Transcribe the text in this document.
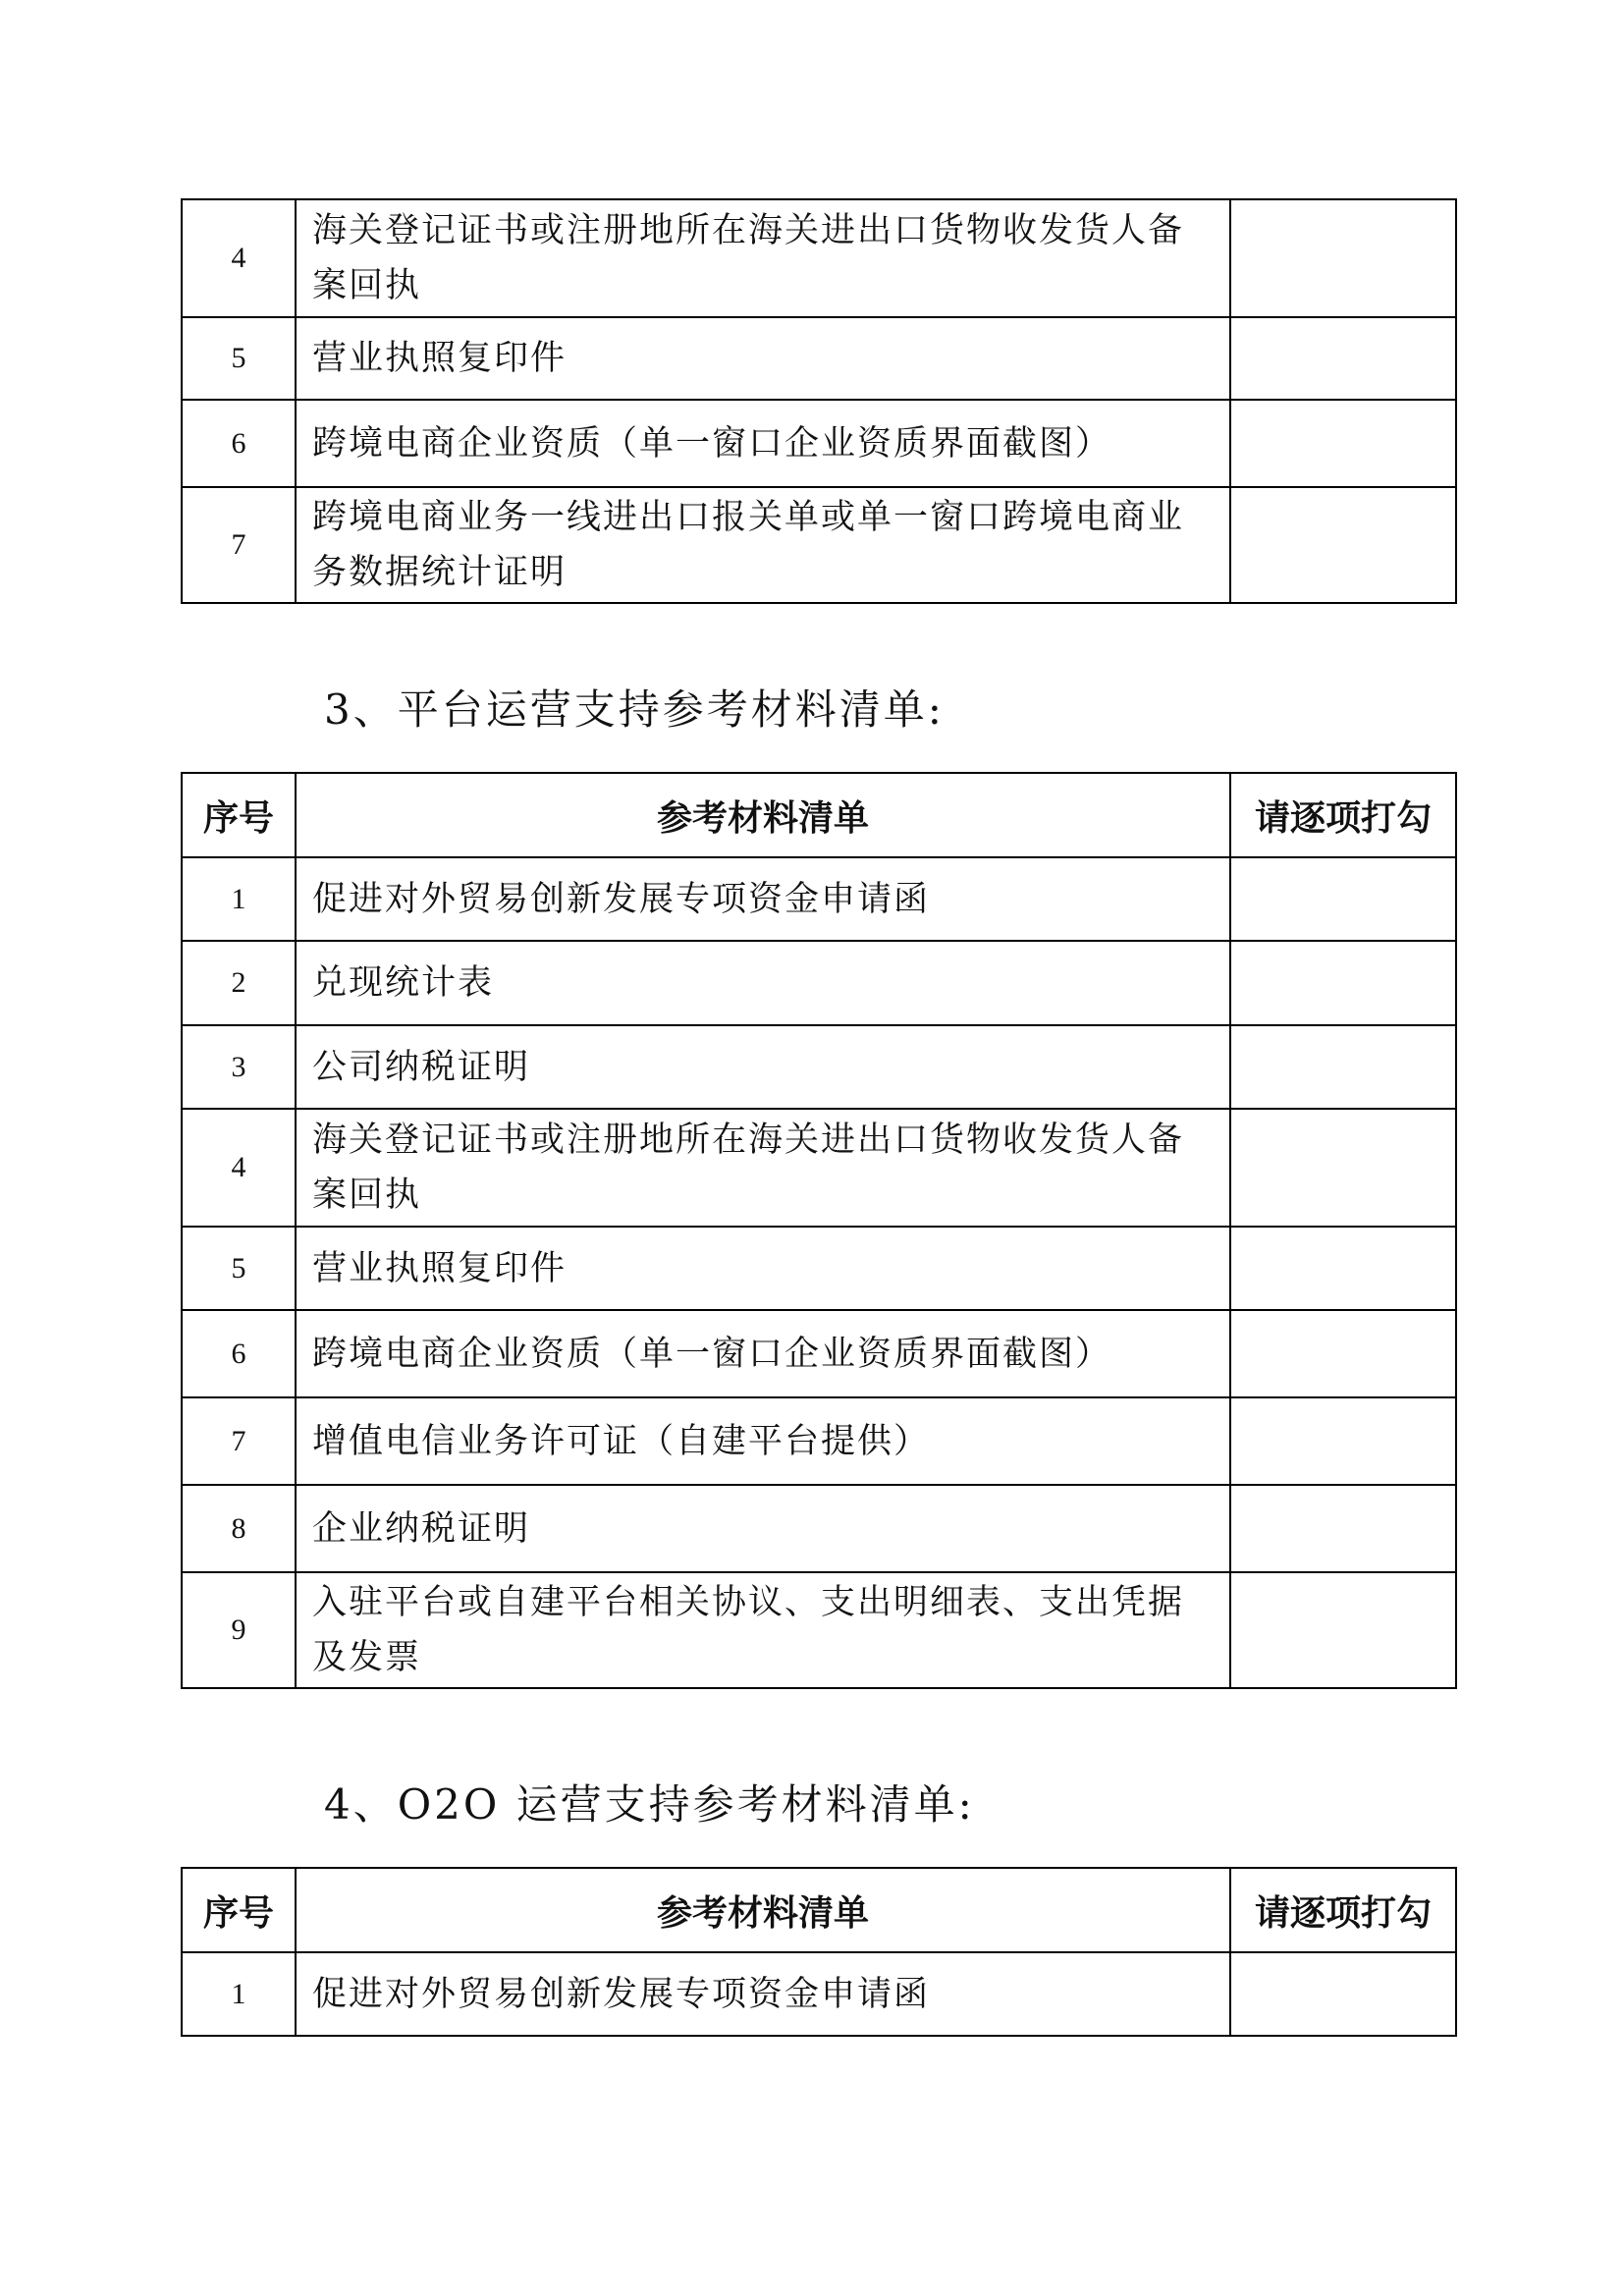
4	海关登记证书或注册地所在海关进出口货物收发货人备案回执	
5	营业执照复印件	
6	跨境电商企业资质（单一窗口企业资质界面截图）	
7	跨境电商业务一线进出口报关单或单一窗口跨境电商业务数据统计证明	
3、平台运营支持参考材料清单:
序号	参考材料清单	请逐项打勾
1	促进对外贸易创新发展专项资金申请函	
2	兑现统计表	
3	公司纳税证明	
4	海关登记证书或注册地所在海关进出口货物收发货人备案回执	
5	营业执照复印件	
6	跨境电商企业资质（单一窗口企业资质界面截图）	
7	增值电信业务许可证（自建平台提供）	
8	企业纳税证明	
9	入驻平台或自建平台相关协议、支出明细表、支出凭据及发票	
4、O2O 运营支持参考材料清单:
序号	参考材料清单	请逐项打勾
1	促进对外贸易创新发展专项资金申请函	
